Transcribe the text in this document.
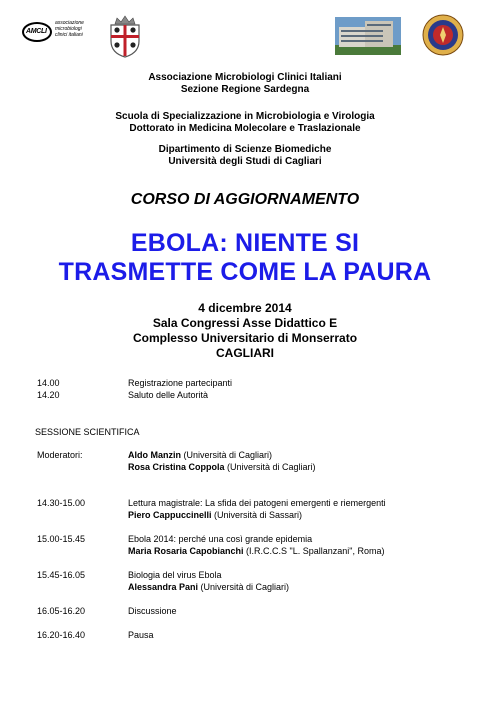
AMCLI
associazione
microbiologi
clinici italiani
Associazione Microbiologi Clinici Italiani
Sezione Regione Sardegna
Scuola di Specializzazione in Microbiologia e Virologia
Dottorato in Medicina Molecolare e Traslazionale
Dipartimento di Scienze Biomediche
Università degli Studi di Cagliari
CORSO DI AGGIORNAMENTO
EBOLA: NIENTE SI
TRASMETTE COME LA PAURA
4 dicembre 2014
Sala Congressi Asse Didattico E
Complesso Universitario di Monserrato
CAGLIARI
14.00	Registrazione partecipanti
14.20	Saluto delle Autorità
SESSIONE SCIENTIFICA
Moderatori:	Aldo Manzin (Università di Cagliari)
Rosa Cristina Coppola (Università di Cagliari)
14.30-15.00	Lettura magistrale: La sfida dei patogeni emergenti e riemergenti
Piero Cappuccinelli (Università di Sassari)
15.00-15.45	Ebola 2014: perché una così grande epidemia
Maria Rosaria Capobianchi (I.R.C.C.S "L. Spallanzani", Roma)
15.45-16.05	Biologia del virus Ebola
Alessandra Pani (Università di Cagliari)
16.05-16.20	Discussione
16.20-16.40	Pausa
